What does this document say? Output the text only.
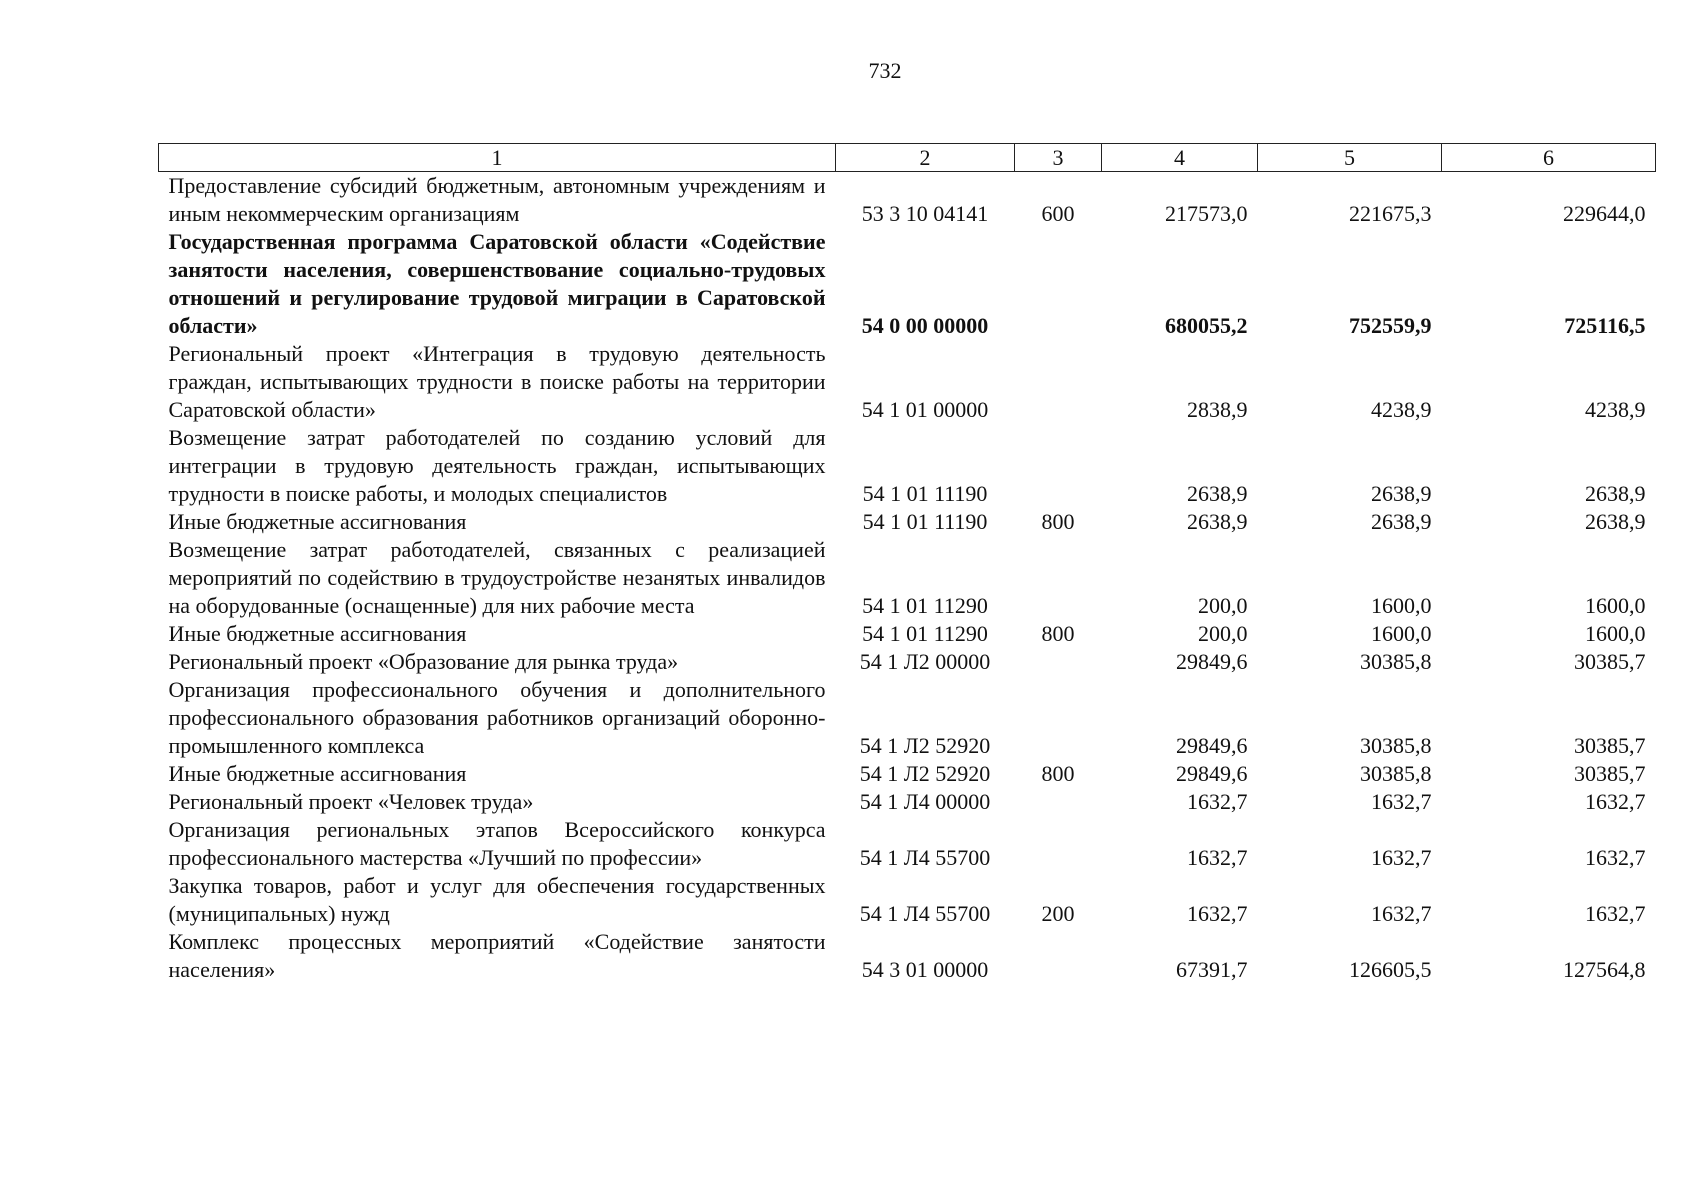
732
1	2	3	4	5	6
Предоставление субсидий бюджетным, автономным учреждениям и иным некоммерческим организациям	53 3 10 04141	600	217573,0	221675,3	229644,0
Государственная программа Саратовской области «Содействие занятости населения, совершенствование социально-трудовых отношений и регулирование трудовой миграции в Саратовской области»	54 0 00 00000		680055,2	752559,9	725116,5
Региональный проект «Интеграция в трудовую деятельность граждан, испытывающих трудности в поиске работы на территории Саратовской области»	54 1 01 00000		2838,9	4238,9	4238,9
Возмещение затрат работодателей по созданию условий для интеграции в трудовую деятельность граждан, испытывающих трудности в поиске работы, и молодых специалистов	54 1 01 11190		2638,9	2638,9	2638,9
Иные бюджетные ассигнования	54 1 01 11190	800	2638,9	2638,9	2638,9
Возмещение затрат работодателей, связанных с реализацией мероприятий по содействию в трудоустройстве незанятых инвалидов на оборудованные (оснащенные) для них рабочие места	54 1 01 11290		200,0	1600,0	1600,0
Иные бюджетные ассигнования	54 1 01 11290	800	200,0	1600,0	1600,0
Региональный проект «Образование для рынка труда»	54 1 Л2 00000		29849,6	30385,8	30385,7
Организация профессионального обучения и дополнительного профессионального образования работников организаций оборонно-промышленного комплекса	54 1 Л2 52920		29849,6	30385,8	30385,7
Иные бюджетные ассигнования	54 1 Л2 52920	800	29849,6	30385,8	30385,7
Региональный проект «Человек труда»	54 1 Л4 00000		1632,7	1632,7	1632,7
Организация региональных этапов Всероссийского конкурса профессионального мастерства «Лучший по профессии»	54 1 Л4 55700		1632,7	1632,7	1632,7
Закупка товаров, работ и услуг для обеспечения государственных (муниципальных) нужд	54 1 Л4 55700	200	1632,7	1632,7	1632,7
Комплекс процессных мероприятий «Содействие занятости населения»	54 3 01 00000		67391,7	126605,5	127564,8
